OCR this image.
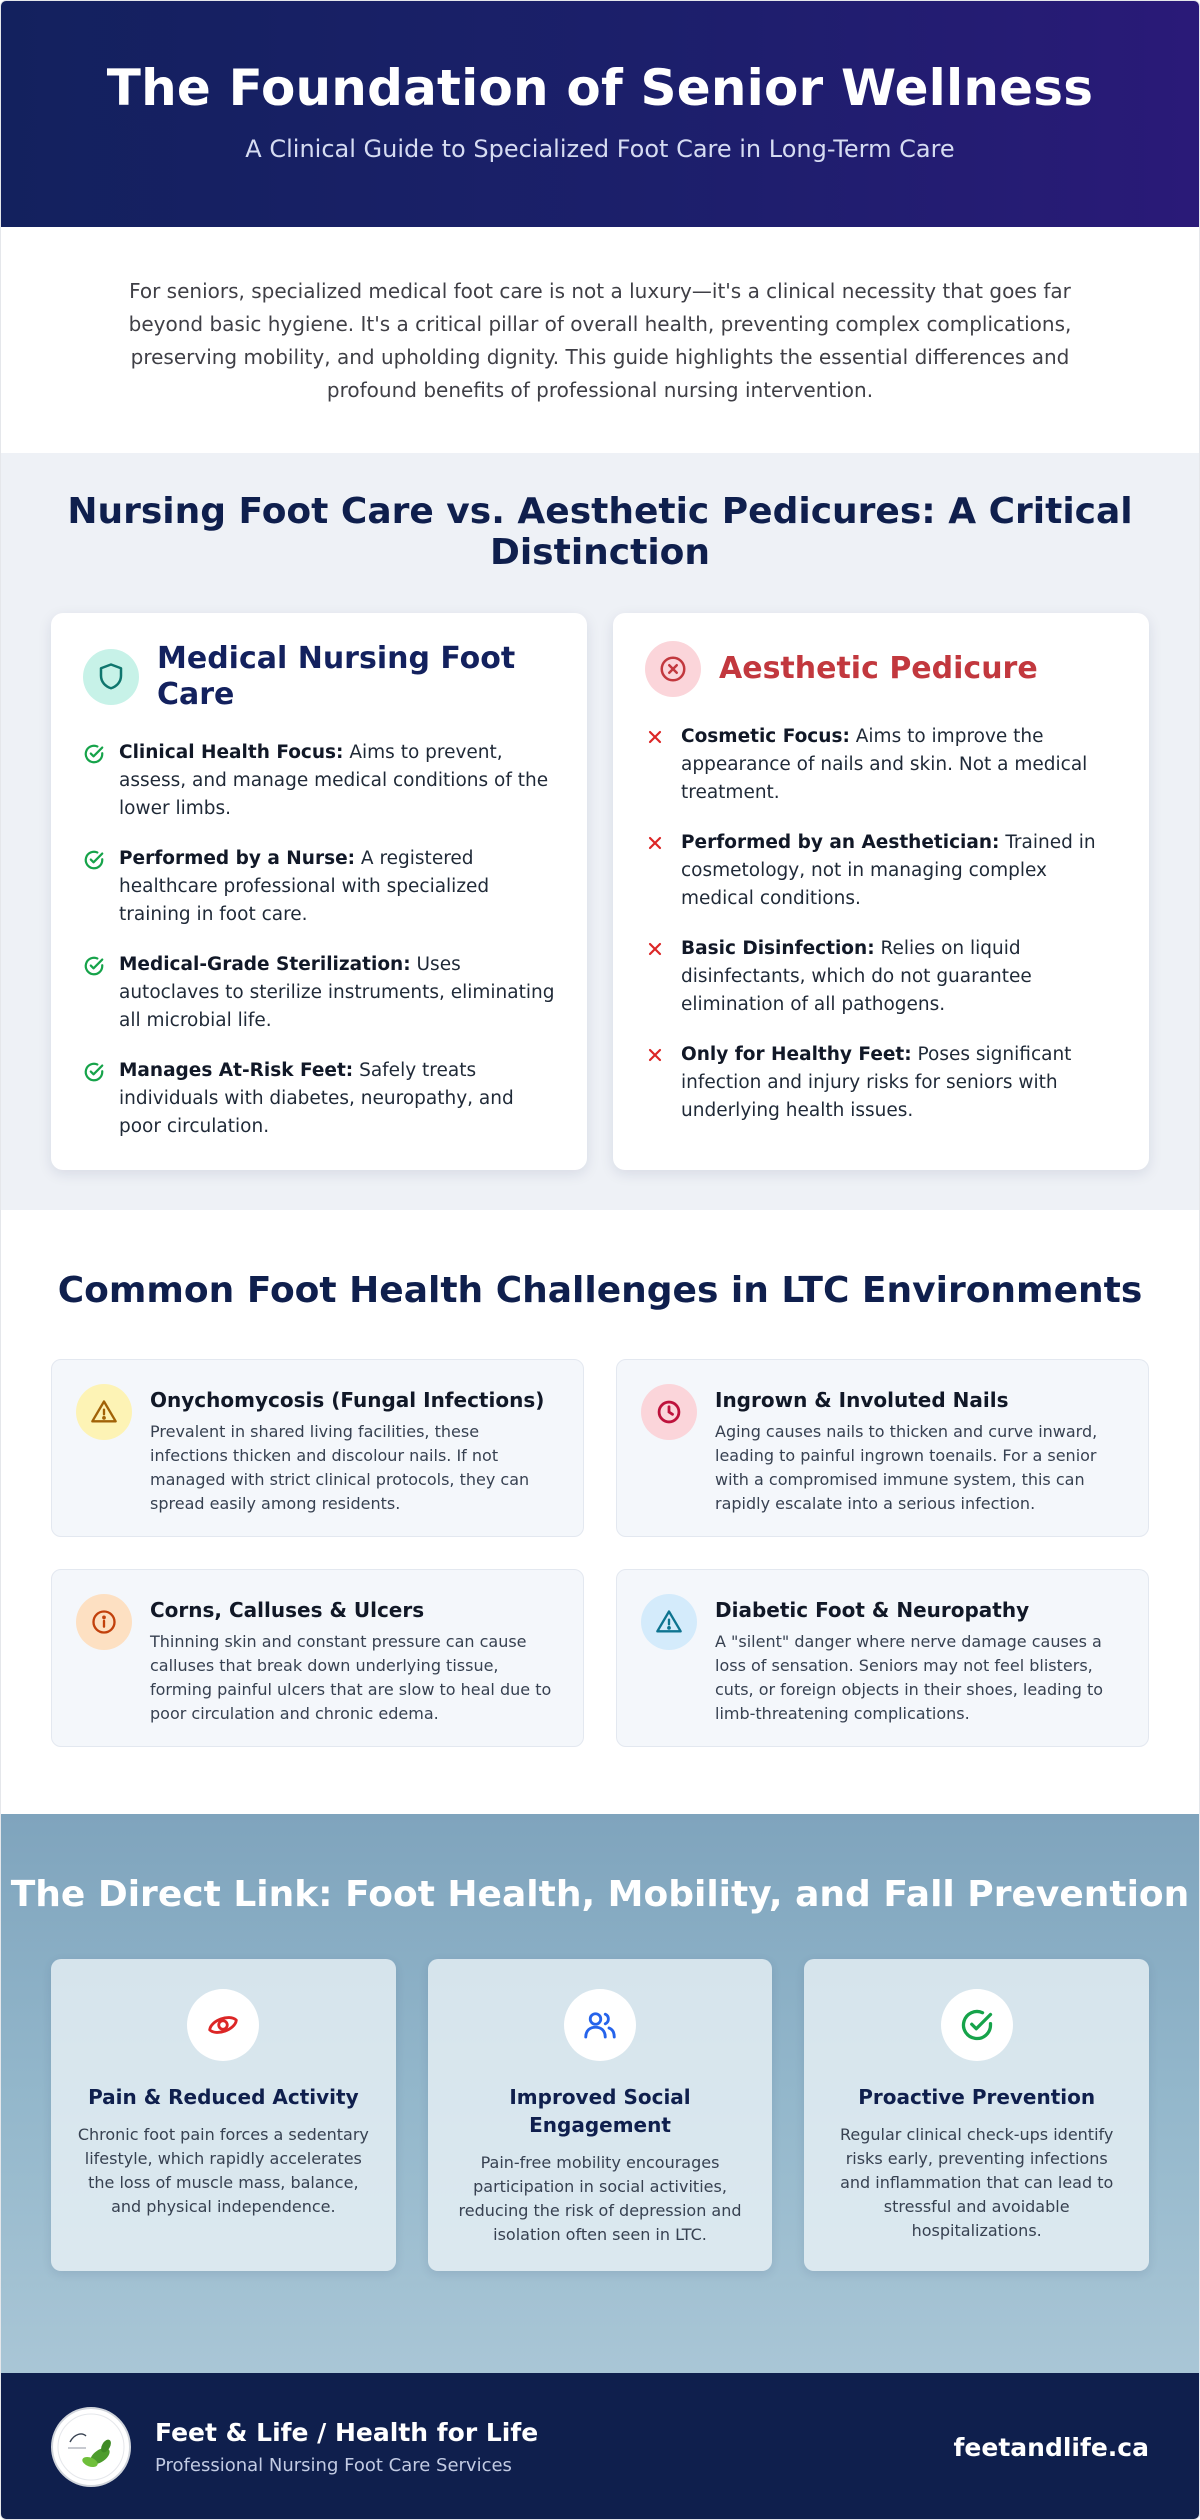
The Foundation of Senior Wellness

A Clinical Guide to Specialized Foot Care in Long-Term Care

For seniors, specialized medical foot care is not a luxury—it's a clinical necessity that goes far beyond basic hygiene. It's a critical pillar of overall health, preventing complex complications, preserving mobility, and upholding dignity. This guide highlights the essential differences and profound benefits of professional nursing intervention.

Nursing Foot Care vs. Aesthetic Pedicures: A Critical Distinction
Medical Nursing Foot Care
Clinical Health Focus: Aims to prevent, assess, and manage medical conditions of the lower limbs.
Performed by a Nurse: A registered healthcare professional with specialized training in foot care.
Medical-Grade Sterilization: Uses autoclaves to sterilize instruments, eliminating all microbial life.
Manages At-Risk Feet: Safely treats individuals with diabetes, neuropathy, and poor circulation.
Aesthetic Pedicure
Cosmetic Focus: Aims to improve the appearance of nails and skin. Not a medical treatment.
Performed by an Aesthetician: Trained in cosmetology, not in managing complex medical conditions.
Basic Disinfection: Relies on liquid disinfectants, which do not guarantee elimination of all pathogens.
Only for Healthy Feet: Poses significant infection and injury risks for seniors with underlying health issues.
Common Foot Health Challenges in LTC Environments
Onychomycosis (Fungal Infections)
Prevalent in shared living facilities, these infections thicken and discolour nails. If not managed with strict clinical protocols, they can spread easily among residents.
Ingrown & Involuted Nails
Aging causes nails to thicken and curve inward, leading to painful ingrown toenails. For a senior with a compromised immune system, this can rapidly escalate into a serious infection.
Corns, Calluses & Ulcers
Thinning skin and constant pressure can cause calluses that break down underlying tissue, forming painful ulcers that are slow to heal due to poor circulation and chronic edema.
Diabetic Foot & Neuropathy
A "silent" danger where nerve damage causes a loss of sensation. Seniors may not feel blisters, cuts, or foreign objects in their shoes, leading to limb-threatening complications.
The Direct Link: Foot Health, Mobility, and Fall Prevention
Pain & Reduced Activity
Chronic foot pain forces a sedentary lifestyle, which rapidly accelerates the loss of muscle mass, balance, and physical independence.
Improved Social Engagement
Pain-free mobility encourages participation in social activities, reducing the risk of depression and isolation often seen in LTC.
Proactive Prevention
Regular clinical check-ups identify risks early, preventing infections and inflammation that can lead to stressful and avoidable hospitalizations.
Feet & Life / Health for Life
Professional Nursing Foot Care Services
feetandlife.ca
